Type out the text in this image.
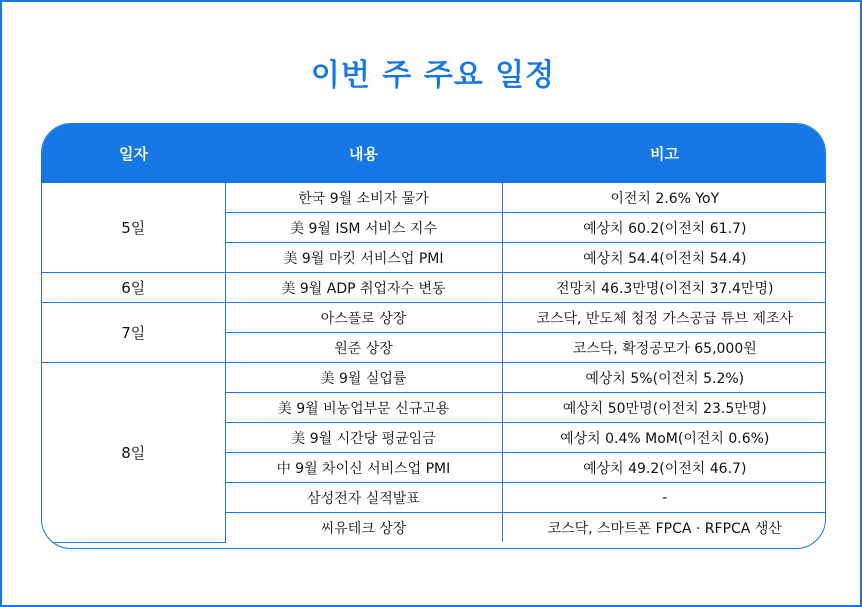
이번 주 주요 일정
일자	내용	비고
5일	한국 9월 소비자 물가	이전치 2.6% YoY
	美 9월 ISM 서비스 지수	예상치 60.2(이전치 61.7)
	美 9월 마킷 서비스업 PMI	예상치 54.4(이전치 54.4)
6일	美 9월 ADP 취업자수 변동	전망치 46.3만명(이전치 37.4만명)
7일	아스플로 상장	코스닥, 반도체 청정 가스공급 튜브 제조사
	원준 상장	코스닥, 확정공모가 65,000원
8일	美 9월 실업률	예상치 5%(이전치 5.2%)
	美 9월 비농업부문 신규고용	예상치 50만명(이전치 23.5만명)
	美 9월 시간당 평균임금	예상치 0.4% MoM(이전치 0.6%)
	中 9월 차이신 서비스업 PMI	예상치 49.2(이전치 46.7)
	삼성전자 실적발표	-
	씨유테크 상장	코스닥, 스마트폰 FPCA · RFPCA 생산
